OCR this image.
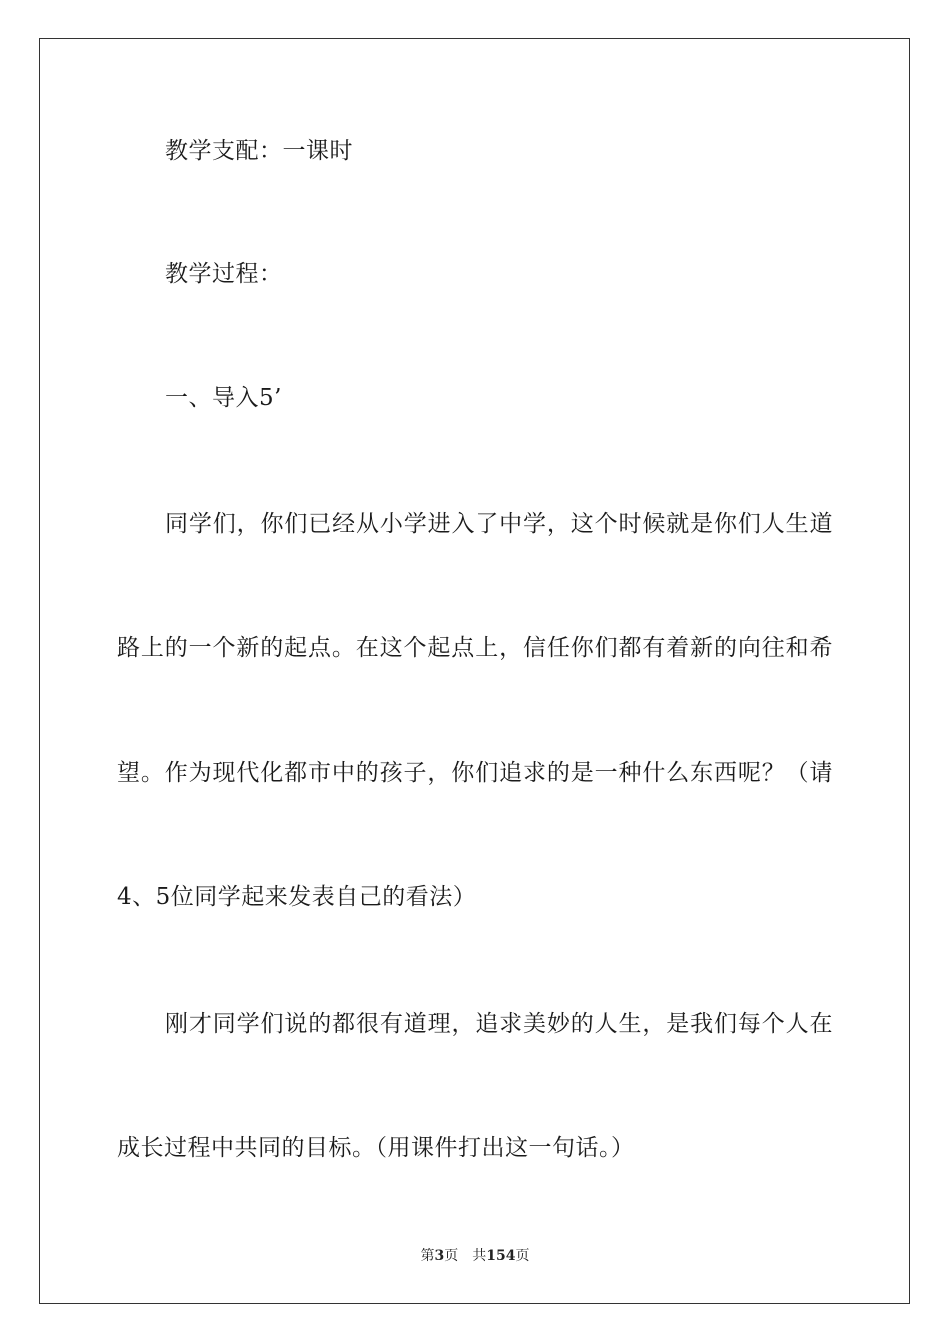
教学支配：一课时
教学过程：
一、导入5’
同学们，你们已经从小学进入了中学，这个时候就是你们人生道
路上的一个新的起点。在这个起点上，信任你们都有着新的向往和希
望。作为现代化都市中的孩子，你们追求的是一种什么东西呢？（请
4、5位同学起来发表自己的看法）
刚才同学们说的都很有道理，追求美妙的人生，是我们每个人在
成长过程中共同的目标。（用课件打出这一句话。）
第3页 共154页
